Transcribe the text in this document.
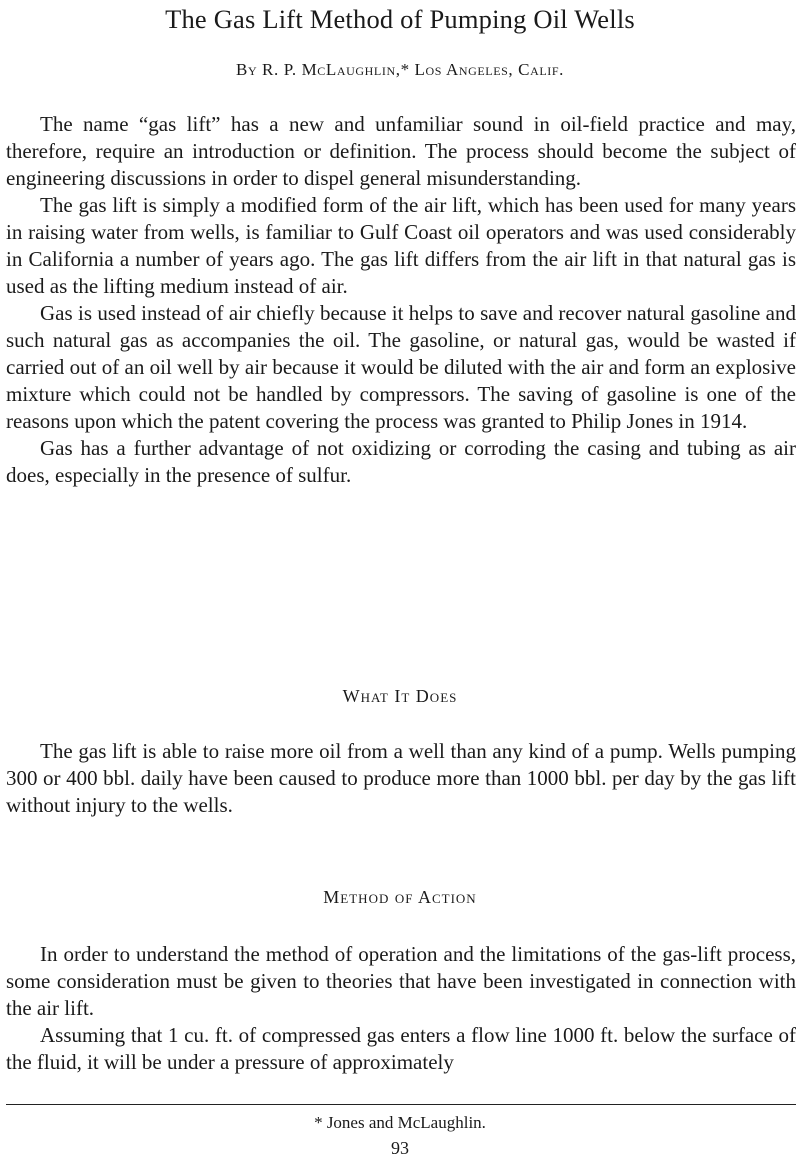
The Gas Lift Method of Pumping Oil Wells
By R. P. McLaughlin,* Los Angeles, Calif.

The name “gas lift” has a new and unfamiliar sound in oil-field practice and may, therefore, require an introduction or definition. The process should become the subject of engineering discussions in order to dispel general misunderstanding.

The gas lift is simply a modified form of the air lift, which has been used for many years in raising water from wells, is familiar to Gulf Coast oil operators and was used considerably in California a number of years ago. The gas lift differs from the air lift in that natural gas is used as the lifting medium instead of air.

Gas is used instead of air chiefly because it helps to save and recover natural gasoline and such natural gas as accompanies the oil. The gasoline, or natural gas, would be wasted if carried out of an oil well by air because it would be diluted with the air and form an explosive mixture which could not be handled by compressors. The saving of gasoline is one of the reasons upon which the patent covering the process was granted to Philip Jones in 1914.

Gas has a further advantage of not oxidizing or corroding the casing and tubing as air does, especially in the presence of sulfur.

What It Does

The gas lift is able to raise more oil from a well than any kind of a pump. Wells pumping 300 or 400 bbl. daily have been caused to produce more than 1000 bbl. per day by the gas lift without injury to the wells.

Method of Action

In order to understand the method of operation and the limitations of the gas-lift process, some consideration must be given to theories that have been investigated in connection with the air lift.

Assuming that 1 cu. ft. of compressed gas enters a flow line 1000 ft. below the surface of the fluid, it will be under a pressure of approximately

* Jones and McLaughlin.
93
